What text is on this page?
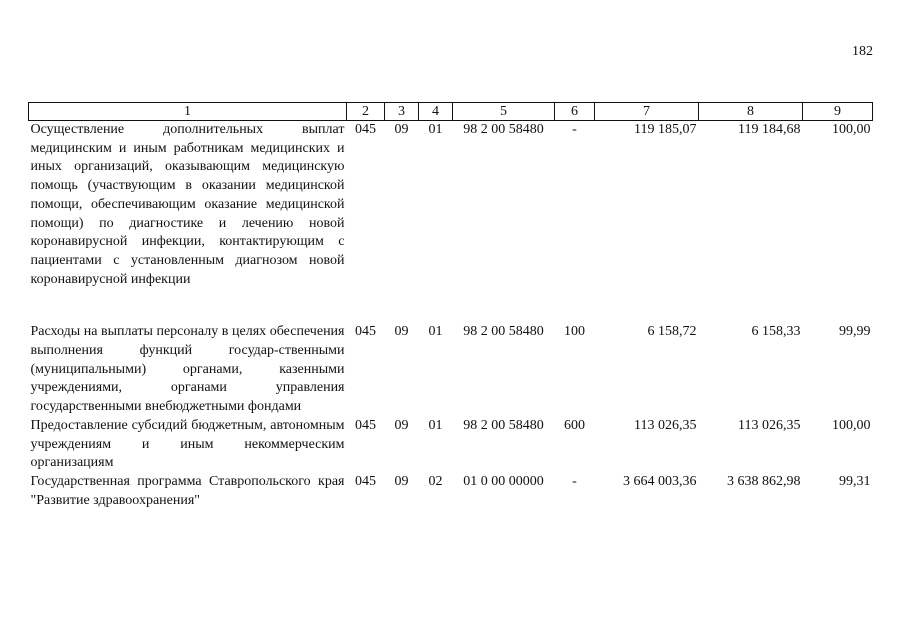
182
1	2	3	4	5	6	7	8	9
Осуществление дополнительных выплат медицинским и иным работникам медицинских и иных организаций, оказывающим медицинскую помощь (участвующим в оказании медицинской помощи, обеспечивающим оказание медицинской помощи) по диагностике и лечению новой коронавирусной инфекции, контактирующим с пациентами с установленным диагнозом новой коронавирусной инфекции	045	09	01	98 2 00 58480	-	119 185,07	119 184,68	100,00

Расходы на выплаты персоналу в целях обеспечения выполнения функций государ-ственными (муниципальными) органами, казенными учреждениями, органами управления государственными внебюджетными фондами	045	09	01	98 2 00 58480	100	6 158,72	6 158,33	99,99
Предоставление субсидий бюджетным, автономным учреждениям и иным некоммерческим организациям	045	09	01	98 2 00 58480	600	113 026,35	113 026,35	100,00
Государственная программа Ставропольского края "Развитие здравоохранения"	045	09	02	01 0 00 00000	-	3 664 003,36	3 638 862,98	99,31
